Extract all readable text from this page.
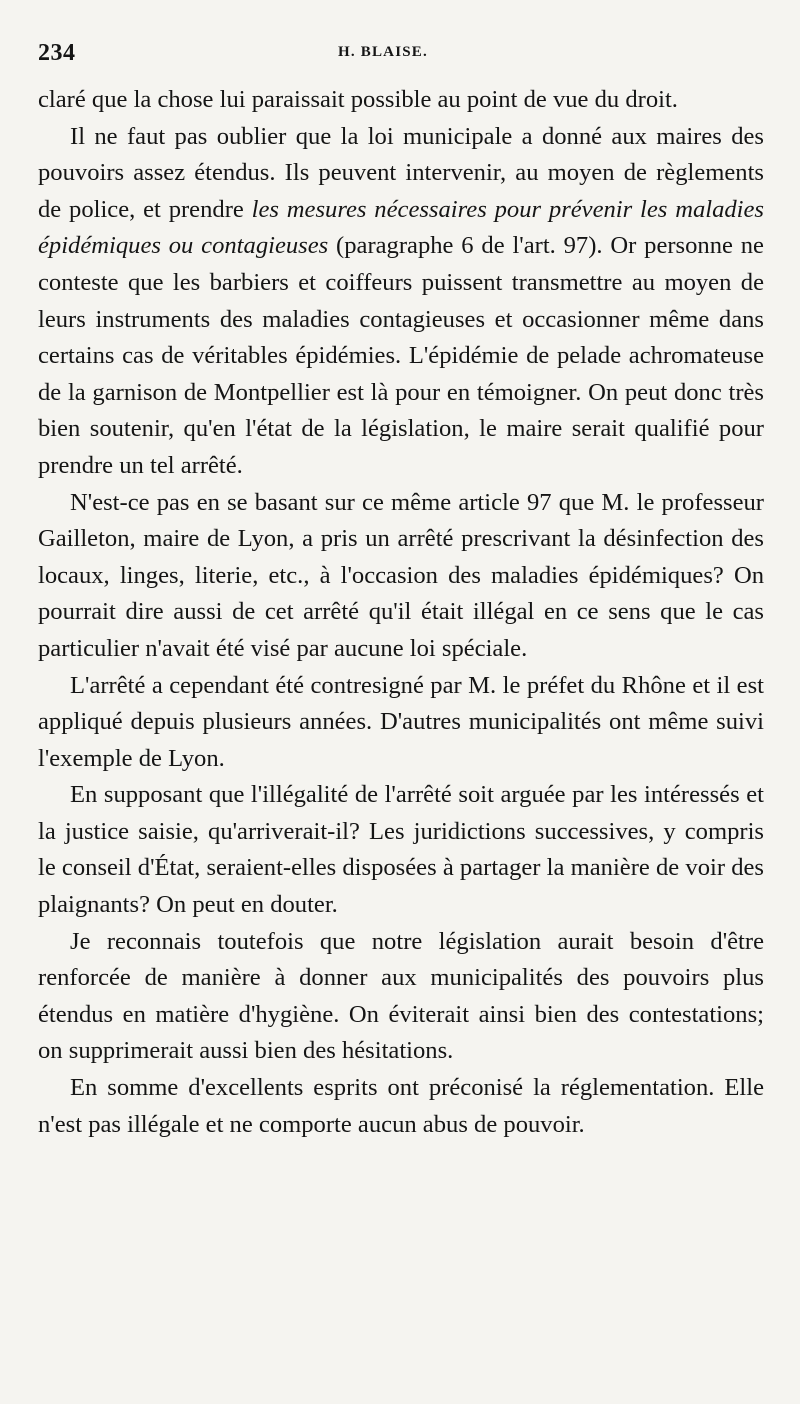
234	H. BLAISE.

claré que la chose lui paraissait possible au point de vue du droit.

Il ne faut pas oublier que la loi municipale a donné aux maires des pouvoirs assez étendus. Ils peuvent intervenir, au moyen de règlements de police, et prendre les mesures nécessaires pour prévenir les maladies épidémiques ou contagieuses (paragraphe 6 de l'art. 97). Or personne ne conteste que les barbiers et coiffeurs puissent transmettre au moyen de leurs instruments des maladies contagieuses et occasionner même dans certains cas de véritables épidémies. L'épidémie de pelade achromateuse de la garnison de Montpellier est là pour en témoigner. On peut donc très bien soutenir, qu'en l'état de la législation, le maire serait qualifié pour prendre un tel arrêté.

N'est-ce pas en se basant sur ce même article 97 que M. le professeur Gailleton, maire de Lyon, a pris un arrêté prescrivant la désinfection des locaux, linges, literie, etc., à l'occasion des maladies épidémiques? On pourrait dire aussi de cet arrêté qu'il était illégal en ce sens que le cas particulier n'avait été visé par aucune loi spéciale.

L'arrêté a cependant été contresigné par M. le préfet du Rhône et il est appliqué depuis plusieurs années. D'autres municipalités ont même suivi l'exemple de Lyon.

En supposant que l'illégalité de l'arrêté soit arguée par les intéressés et la justice saisie, qu'arriverait-il? Les juridictions successives, y compris le conseil d'État, seraient-elles disposées à partager la manière de voir des plaignants? On peut en douter.

Je reconnais toutefois que notre législation aurait besoin d'être renforcée de manière à donner aux municipalités des pouvoirs plus étendus en matière d'hygiène. On éviterait ainsi bien des contestations; on supprimerait aussi bien des hésitations.

En somme d'excellents esprits ont préconisé la réglementation. Elle n'est pas illégale et ne comporte aucun abus de pouvoir.
